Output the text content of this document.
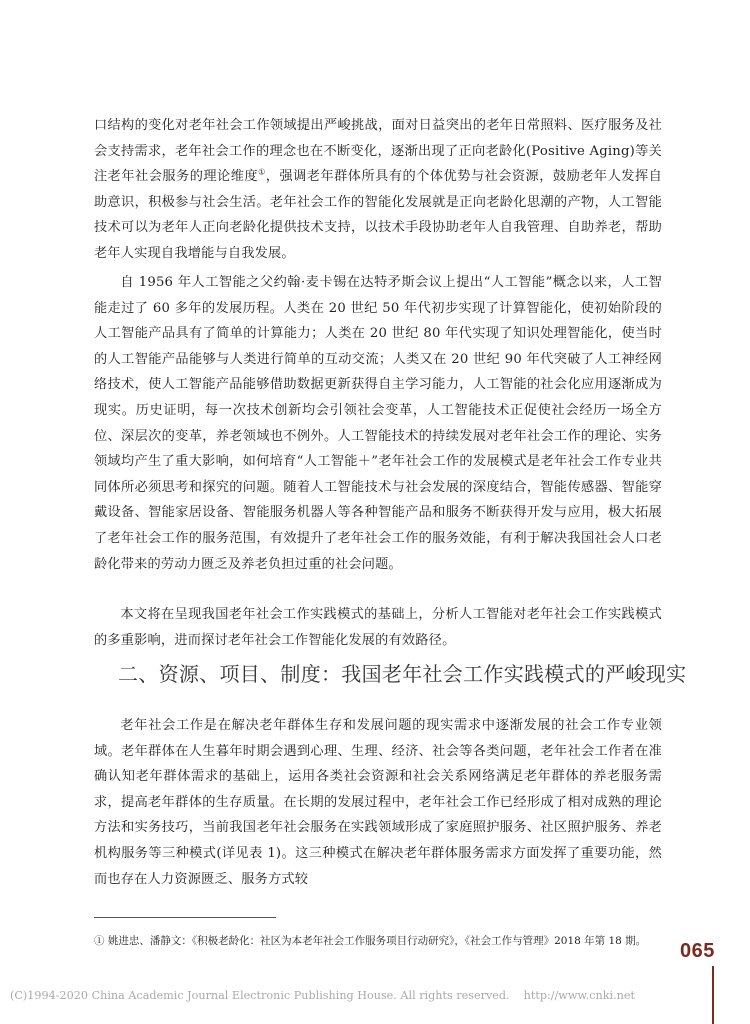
口结构的变化对老年社会工作领域提出严峻挑战，面对日益突出的老年日常照料、医疗服务及社会支持需求，老年社会工作的理念也在不断变化，逐渐出现了正向老龄化(Positive Aging)等关注老年社会服务的理论维度①，强调老年群体所具有的个体优势与社会资源，鼓励老年人发挥自助意识，积极参与社会生活。老年社会工作的智能化发展就是正向老龄化思潮的产物，人工智能技术可以为老年人正向老龄化提供技术支持，以技术手段协助老年人自我管理、自助养老，帮助老年人实现自我增能与自我发展。

自 1956 年人工智能之父约翰·麦卡锡在达特矛斯会议上提出“人工智能”概念以来，人工智能走过了 60 多年的发展历程。人类在 20 世纪 50 年代初步实现了计算智能化，使初始阶段的人工智能产品具有了简单的计算能力；人类在 20 世纪 80 年代实现了知识处理智能化，使当时的人工智能产品能够与人类进行简单的互动交流；人类又在 20 世纪 90 年代突破了人工神经网络技术，使人工智能产品能够借助数据更新获得自主学习能力，人工智能的社会化应用逐渐成为现实。历史证明，每一次技术创新均会引领社会变革，人工智能技术正促使社会经历一场全方位、深层次的变革，养老领域也不例外。人工智能技术的持续发展对老年社会工作的理论、实务领域均产生了重大影响，如何培育“人工智能＋”老年社会工作的发展模式是老年社会工作专业共同体所必须思考和探究的问题。随着人工智能技术与社会发展的深度结合，智能传感器、智能穿戴设备、智能家居设备、智能服务机器人等各种智能产品和服务不断获得开发与应用，极大拓展了老年社会工作的服务范围，有效提升了老年社会工作的服务效能，有利于解决我国社会人口老龄化带来的劳动力匮乏及养老负担过重的社会问题。

本文将在呈现我国老年社会工作实践模式的基础上，分析人工智能对老年社会工作实践模式的多重影响，进而探讨老年社会工作智能化发展的有效路径。

二、资源、项目、制度：我国老年社会工作实践模式的严峻现实

老年社会工作是在解决老年群体生存和发展问题的现实需求中逐渐发展的社会工作专业领域。老年群体在人生暮年时期会遇到心理、生理、经济、社会等各类问题，老年社会工作者在准确认知老年群体需求的基础上，运用各类社会资源和社会关系网络满足老年群体的养老服务需求，提高老年群体的生存质量。在长期的发展过程中，老年社会工作已经形成了相对成熟的理论方法和实务技巧，当前我国老年社会服务在实践领域形成了家庭照护服务、社区照护服务、养老机构服务等三种模式(详见表 1)。这三种模式在解决老年群体服务需求方面发挥了重要功能，然而也存在人力资源匮乏、服务方式较

① 姚进忠、潘静文：《积极老龄化：社区为本老年社会工作服务项目行动研究》，《社会工作与管理》2018 年第 18 期。	065
(C)1994-2020 China Academic Journal Electronic Publishing House. All rights reserved. http://www.cnki.net
